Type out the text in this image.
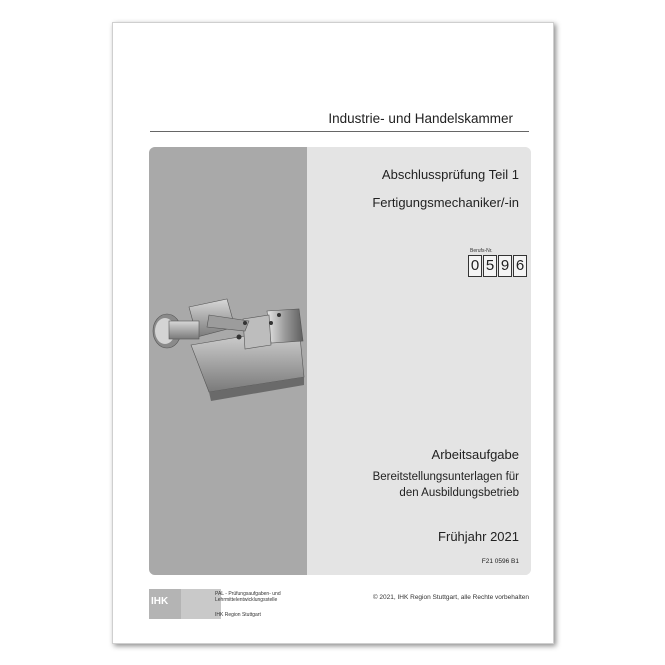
Industrie- und Handelskammer
Abschlussprüfung Teil 1
Fertigungsmechaniker/-in
Berufs-Nr.
0 5 9 6
Arbeitsaufgabe
Bereitstellungsunterlagen für
den Ausbildungsbetrieb
Frühjahr 2021
F21 0596 B1
IHK
PAL - Prüfungsaufgaben- und
Lehrmittelentwicklungsstelle
IHK Region Stuttgart
© 2021, IHK Region Stuttgart, alle Rechte vorbehalten
